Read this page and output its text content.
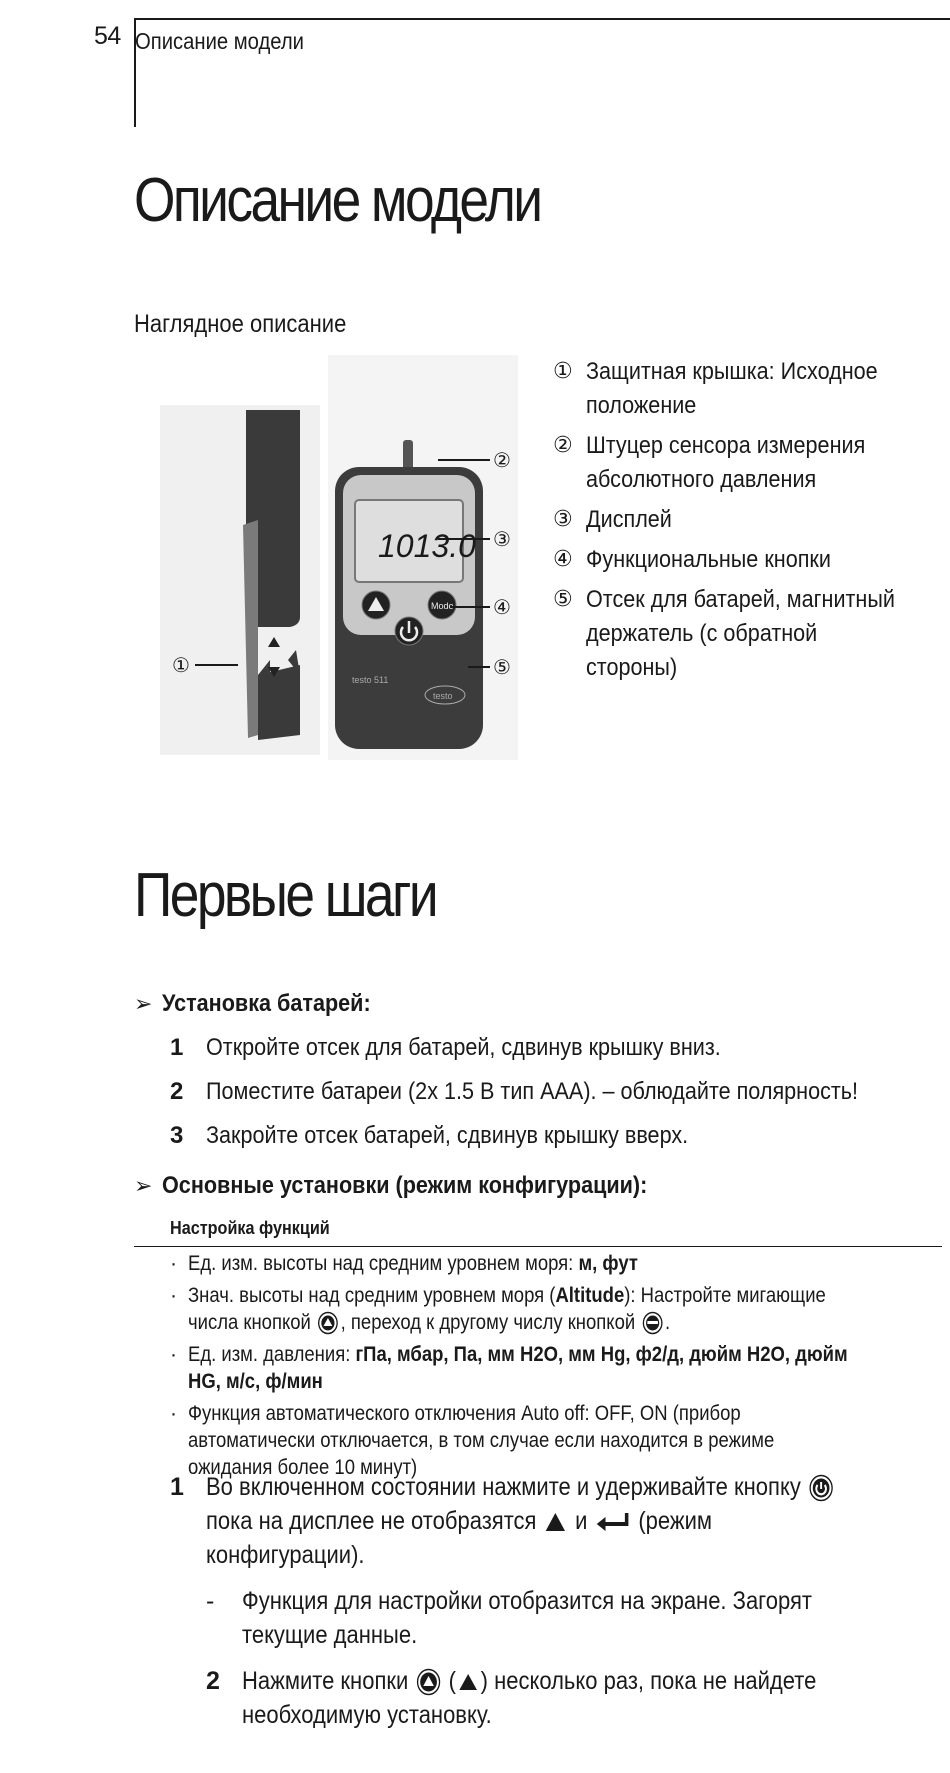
54 Описание модели
Описание модели
Наглядное описание
1013.0
Mode
testo 511
testo
②
③
④
⑤
①
① Защитная крышка: Исходное положение
② Штуцер сенсора измерения абсолютного давления
③ Дисплей
④ Функциональные кнопки
⑤ Отсек для батарей, магнитный держатель (с обратной стороны)
Первые шаги
➢ Установка батарей:
1 Откройте отсек для батарей, сдвинув крышку вниз.
2 Поместите батареи (2x 1.5 В тип AAA). – облюдайте полярность!
3 Закройте отсек батарей, сдвинув крышку вверх.
➢ Основные установки (режим конфигурации):
Настройка функций
· Ед. изм. высоты над средним уровнем моря: м, фут
· Знач. высоты над средним уровнем моря (Altitude): Настройте мигающие числа кнопкой , переход к другому числу кнопкой .
· Ед. изм. давления: гПа, мбар, Па, мм H2O, мм Hg, ф2/д, дюйм H2O, дюйм HG, м/с, ф/мин
· Функция автоматического отключения Auto off: OFF, ON (прибор автоматически отключается, в том случае если находится в режиме ожидания более 10 минут)
1 Во включенном состоянии нажмите и удерживайте кнопку  пока на дисплее не отобразятся и (режим конфигурации).
-	Функция для настройки отобразится на экране. Загорят текущие данные.
2 Нажмите кнопки ( ) несколько раз, пока не найдете необходимую установку.
